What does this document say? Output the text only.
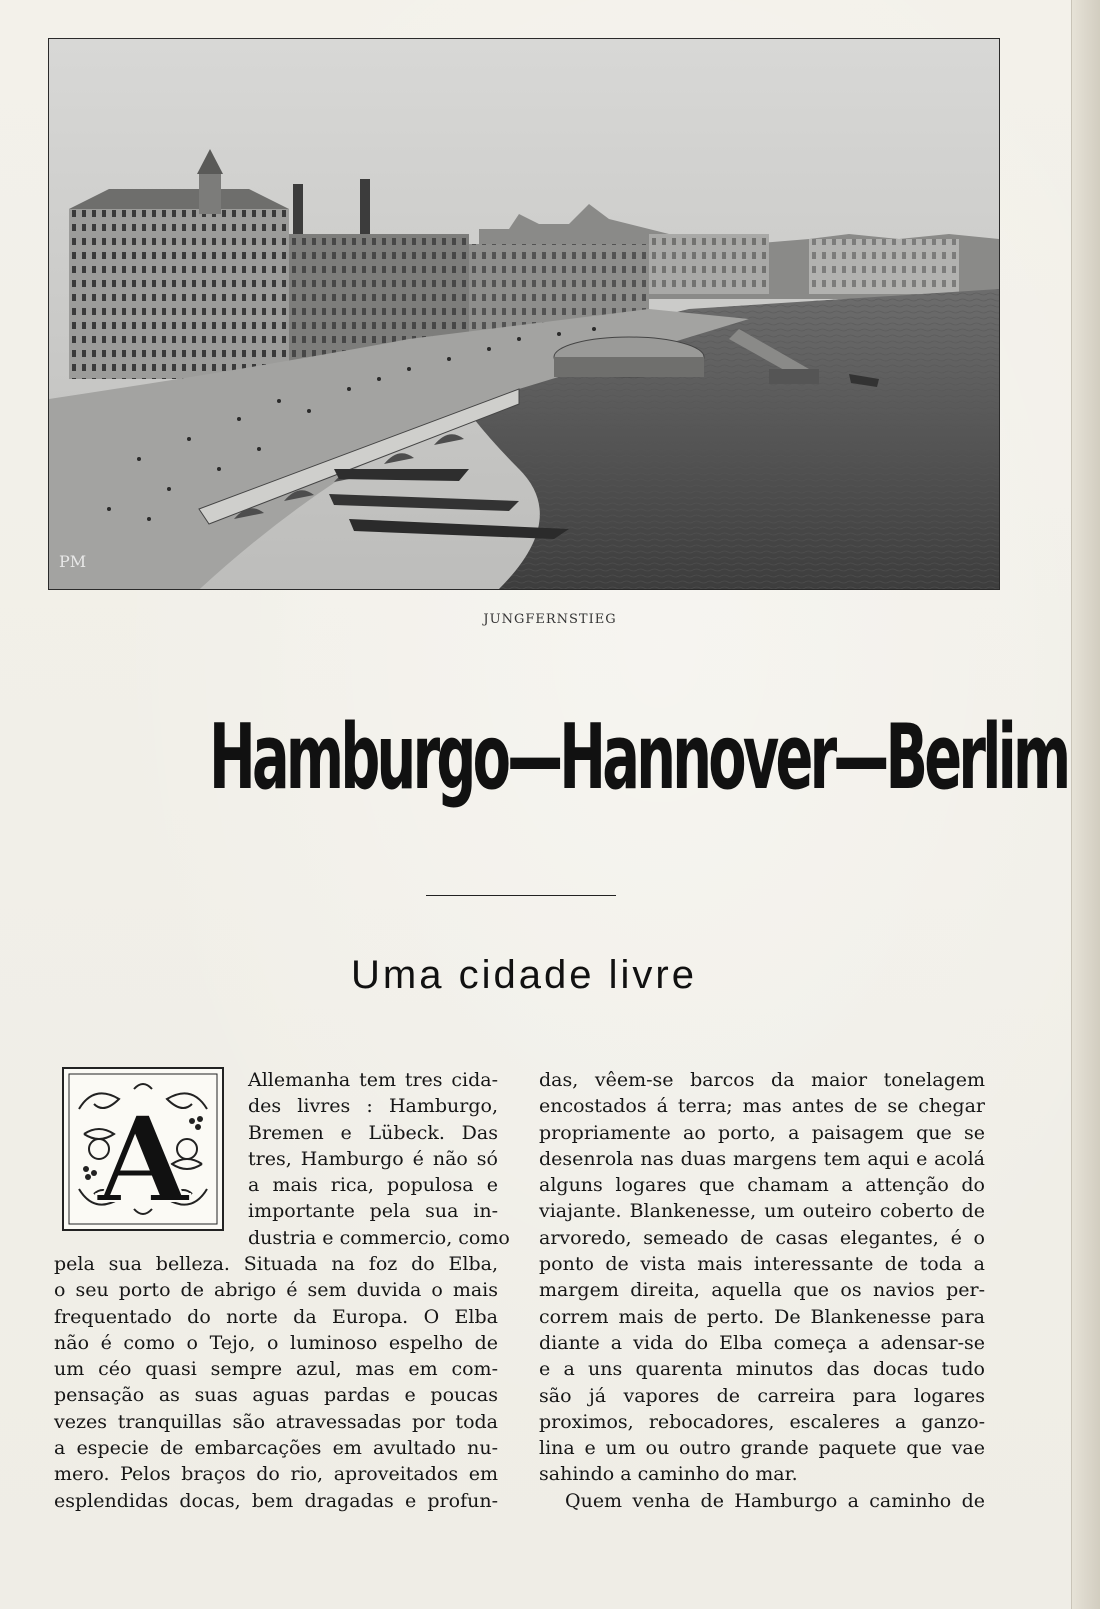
PM
JUNGFERNSTIEG
Hamburgo—Hannover—Berlim
Uma cidade livre
A
Allemanha tem tres cida-
des livres : Hamburgo,
Bremen e Lübeck. Das
tres, Hamburgo é não só
a mais rica, populosa e
importante pela sua in-
dustria e commercio, como
pela sua belleza. Situada na foz do Elba,
o seu porto de abrigo é sem duvida o mais
frequentado do norte da Europa. O Elba
não é como o Tejo, o luminoso espelho de
um céo quasi sempre azul, mas em com-
pensação as suas aguas pardas e poucas
vezes tranquillas são atravessadas por toda
a especie de embarcações em avultado nu-
mero. Pelos braços do rio, aproveitados em
esplendidas docas, bem dragadas e profun-
das, vêem-se barcos da maior tonelagem
encostados á terra; mas antes de se chegar
propriamente ao porto, a paisagem que se
desenrola nas duas margens tem aqui e acolá
alguns logares que chamam a attenção do
viajante. Blankenesse, um outeiro coberto de
arvoredo, semeado de casas elegantes, é o
ponto de vista mais interessante de toda a
margem direita, aquella que os navios per-
correm mais de perto. De Blankenesse para
diante a vida do Elba começa a adensar-se
e a uns quarenta minutos das docas tudo
são já vapores de carreira para logares
proximos, rebocadores, escaleres a ganzo-
lina e um ou outro grande paquete que vae
sahindo a caminho do mar.
Quem venha de Hamburgo a caminho de
